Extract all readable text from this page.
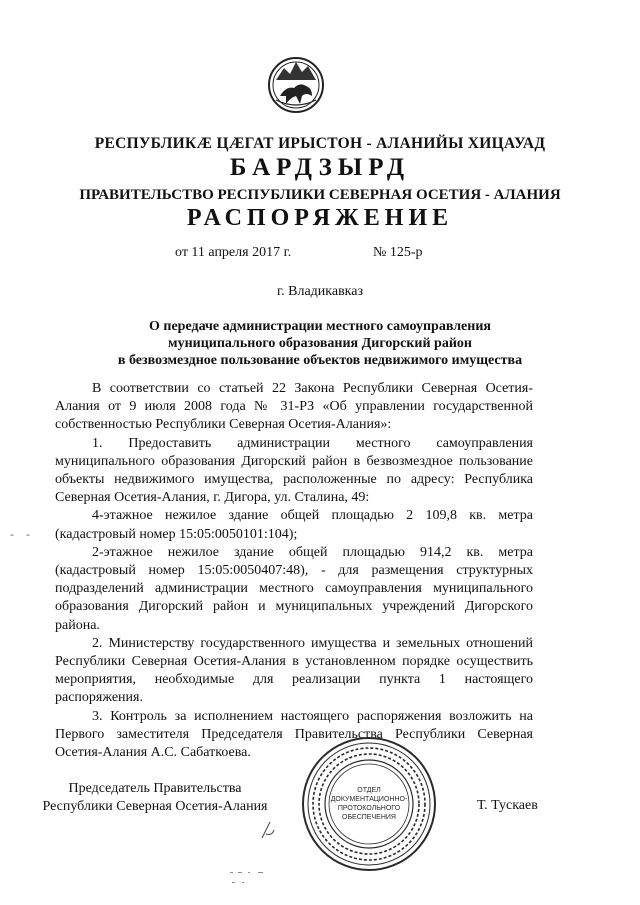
РЕСПУБЛИКÆ ЦÆГАТ ИРЫСТОН - АЛАНИЙЫ ХИЦАУАД
БАРДЗЫРД
ПРАВИТЕЛЬСТВО РЕСПУБЛИКИ СЕВЕРНАЯ ОСЕТИЯ - АЛАНИЯ
РАСПОРЯЖЕНИЕ
от 11 апреля 2017 г.	№ 125-р
г. Владикавказ
О передаче администрации местного самоуправления
муниципального образования Дигорский район
в безвозмездное пользование объектов недвижимого имущества

В соответствии со статьей 22 Закона Республики Северная Осетия-Алания от 9 июля 2008 года № 31-РЗ «Об управлении государственной собственностью Республики Северная Осетия-Алания»:

1. Предоставить администрации местного самоуправления муниципального образования Дигорский район в безвозмездное пользование объекты недвижимого имущества, расположенные по адресу: Республика Северная Осетия-Алания, г. Дигора, ул. Сталина, 49:

4-этажное нежилое здание общей площадью 2 109,8 кв. метра (кадастровый номер 15:05:0050101:104);

2-этажное нежилое здание общей площадью 914,2 кв. метра (кадастровый номер 15:05:0050407:48), - для размещения структурных подразделений администрации местного самоуправления муниципального образования Дигорский район и муниципальных учреждений Дигорского района.

2. Министерству государственного имущества и земельных отношений Республики Северная Осетия-Алания в установленном порядке осуществить мероприятия, необходимые для реализации пункта 1 настоящего распоряжения.

3. Контроль за исполнением настоящего распоряжения возложить на Первого заместителя Председателя Правительства Республики Северная Осетия-Алания А.С. Сабаткоева.

-    -
Председатель Правительства
Республики Северная Осетия-Алания
ОТДЕЛ
ДОКУМЕНТАЦИОННО-
ПРОТОКОЛЬНОГО
ОБЕСПЕЧЕНИЯ
Т. Тускаев
